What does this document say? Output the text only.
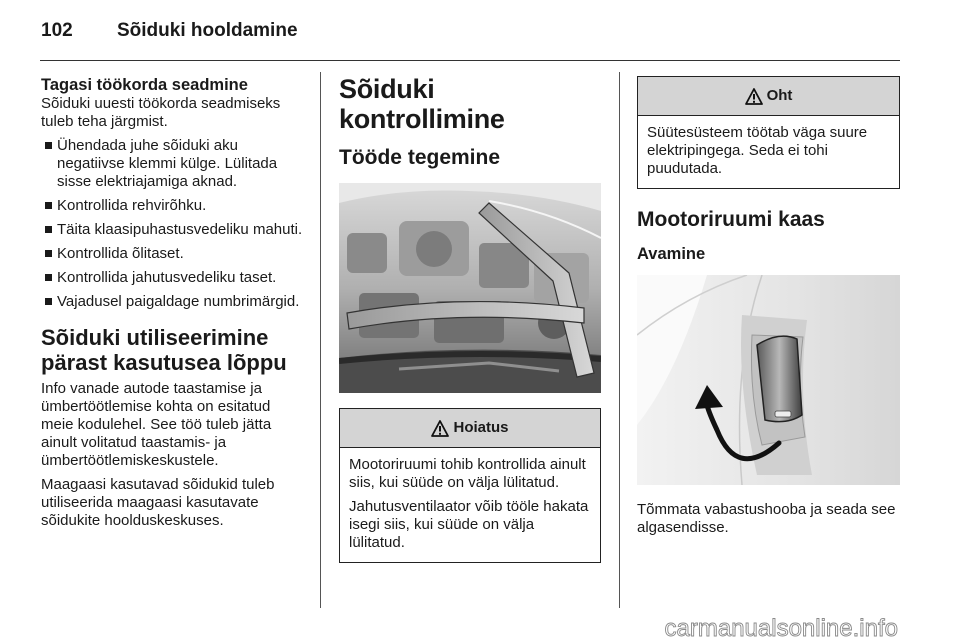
102 Sõiduki hooldamine
Tagasi töökorda seadmine

Sõiduki uuesti töökorda seadmiseks tuleb teha järgmist.

Ühendada juhe sõiduki aku negatiivse klemmi külge. Lülitada sisse elektriajamiga aknad.
Kontrollida rehvirõhku.
Täita klaasipuhastusvedeliku mahuti.
Kontrollida õlitaset.
Kontrollida jahutusvedeliku taset.
Vajadusel paigaldage numbrimärgid.
Sõiduki utiliseerimine pärast kasutusea lõppu

Info vanade autode taastamise ja ümbertöötlemise kohta on esitatud meie kodulehel. See töö tuleb jätta ainult volitatud taastamis- ja ümbertöötlemiskeskustele.

Maagaasi kasutavad sõidukid tuleb utiliseerida maagaasi kasutavate sõidukite hoolduskeskuses.

Sõiduki kontrollimine
Tööde tegemine
Hoiatus

Mootoriruumi tohib kontrollida ainult siis, kui süüde on välja lülitatud.

Jahutusventilaator võib tööle hakata isegi siis, kui süüde on välja lülitatud.

Oht

Süütesüsteem töötab väga suure elektripingega. Seda ei tohi puudutada.

Mootoriruumi kaas
Avamine

Tõmmata vabastushooba ja seada see algasendisse.

carmanualsonline.info
